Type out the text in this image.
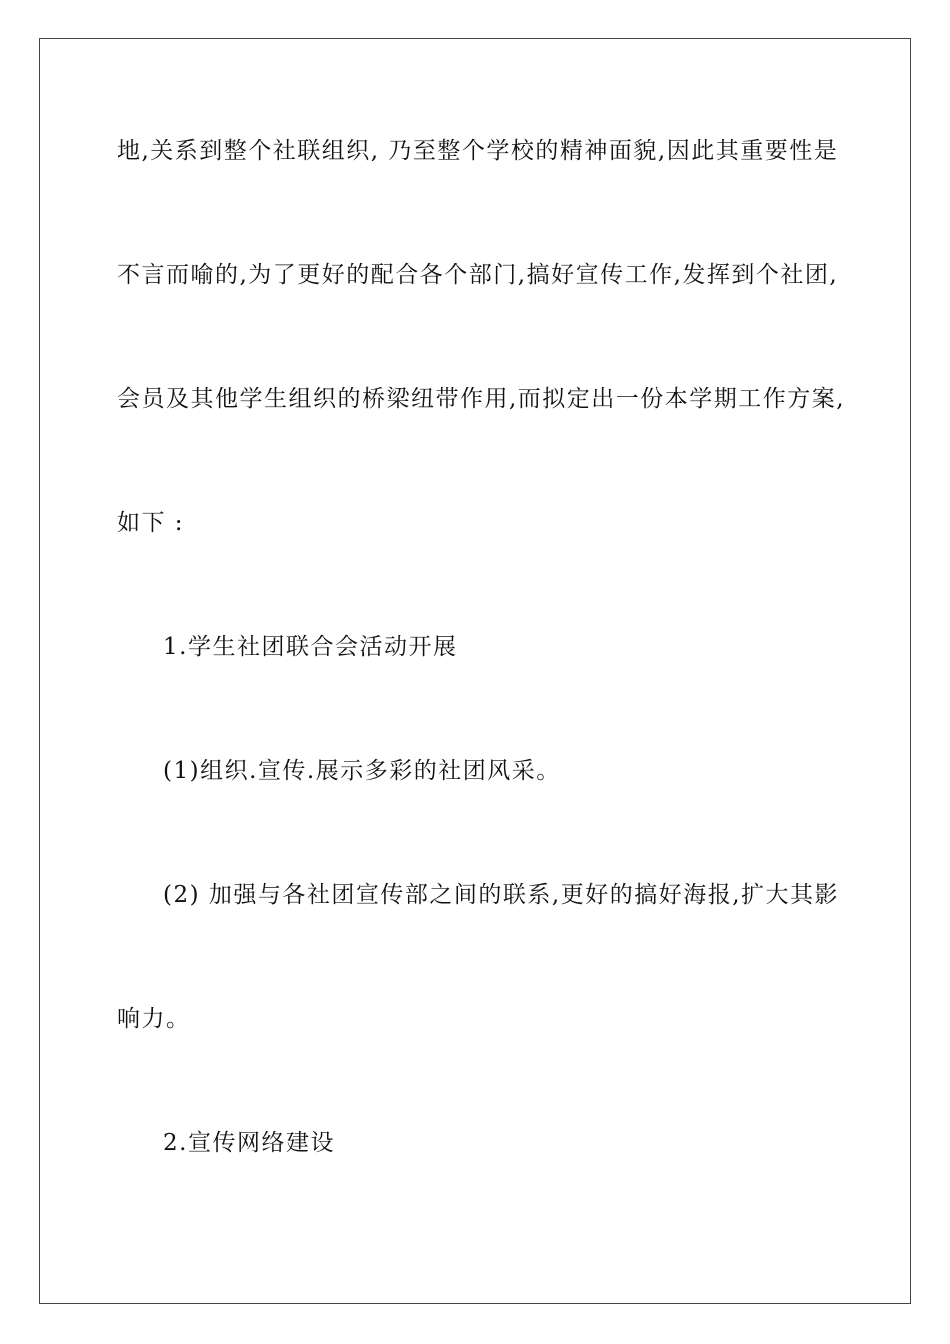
地,关系到整个社联组织, 乃至整个学校的精神面貌,因此其重要性是
不言而喻的,为了更好的配合各个部门,搞好宣传工作,发挥到个社团,
会员及其他学生组织的桥梁纽带作用,而拟定出一份本学期工作方案,
如下 :
1.学生社团联合会活动开展
(1)组织.宣传.展示多彩的社团风采。
(2) 加强与各社团宣传部之间的联系,更好的搞好海报,扩大其影
响力。
2.宣传网络建设
